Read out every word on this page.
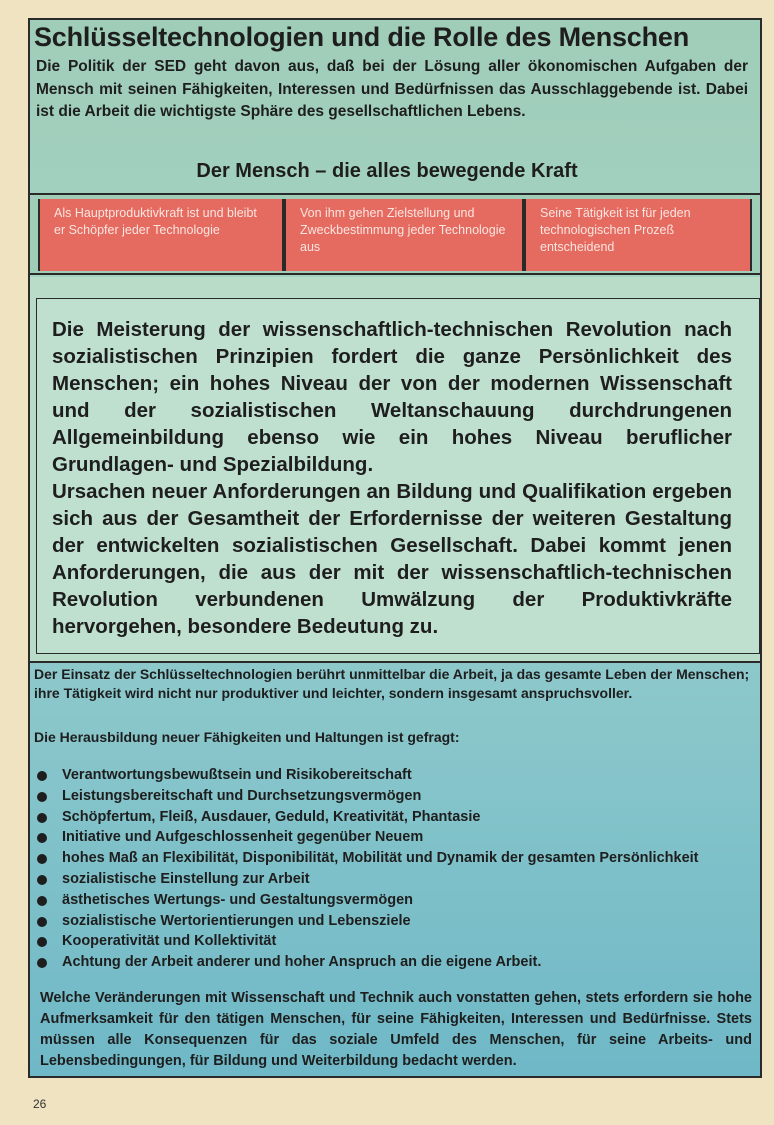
Schlüsseltechnologien und die Rolle des Menschen

Die Politik der SED geht davon aus, daß bei der Lösung aller ökonomischen Aufgaben der Mensch mit seinen Fähigkeiten, Interessen und Bedürfnissen das Ausschlaggebende ist. Dabei ist die Arbeit die wichtigste Sphäre des gesellschaftlichen Lebens.

Der Mensch – die alles bewegende Kraft
Als Hauptproduktivkraft ist und bleibt er Schöpfer jeder Technologie
Von ihm gehen Zielstellung und Zweckbestimmung jeder Technologie aus
Seine Tätigkeit ist für jeden technologischen Prozeß entscheidend

Die Meisterung der wissenschaftlich-technischen Revolution nach sozialistischen Prinzipien fordert die ganze Persönlichkeit des Menschen; ein hohes Niveau der von der modernen Wissenschaft und der sozialistischen Weltanschauung durchdrungenen Allgemeinbildung ebenso wie ein hohes Niveau beruflicher Grundlagen- und Spezialbildung.

Ursachen neuer Anforderungen an Bildung und Qualifikation ergeben sich aus der Gesamtheit der Erfordernisse der weiteren Gestaltung der entwickelten sozialistischen Gesellschaft. Dabei kommt jenen Anforderungen, die aus der mit der wissenschaftlich-technischen Revolution verbundenen Umwälzung der Produktivkräfte hervorgehen, besondere Bedeutung zu.

Der Einsatz der Schlüsseltechnologien berührt unmittelbar die Arbeit, ja das gesamte Leben der Menschen; ihre Tätigkeit wird nicht nur produktiver und leichter, sondern insgesamt anspruchsvoller.

Die Herausbildung neuer Fähigkeiten und Haltungen ist gefragt:

Verantwortungsbewußtsein und Risikobereitschaft
Leistungsbereitschaft und Durchsetzungsvermögen
Schöpfertum, Fleiß, Ausdauer, Geduld, Kreativität, Phantasie
Initiative und Aufgeschlossenheit gegenüber Neuem
hohes Maß an Flexibilität, Disponibilität, Mobilität und Dynamik der gesamten Persönlichkeit
sozialistische Einstellung zur Arbeit
ästhetisches Wertungs- und Gestaltungsvermögen
sozialistische Wertorientierungen und Lebensziele
Kooperativität und Kollektivität
Achtung der Arbeit anderer und hoher Anspruch an die eigene Arbeit.

Welche Veränderungen mit Wissenschaft und Technik auch vonstatten gehen, stets erfordern sie hohe Aufmerksamkeit für den tätigen Menschen, für seine Fähigkeiten, Interessen und Bedürfnisse. Stets müssen alle Konsequenzen für das soziale Umfeld des Menschen, für seine Arbeits- und Lebensbedingungen, für Bildung und Weiterbildung bedacht werden.

26
